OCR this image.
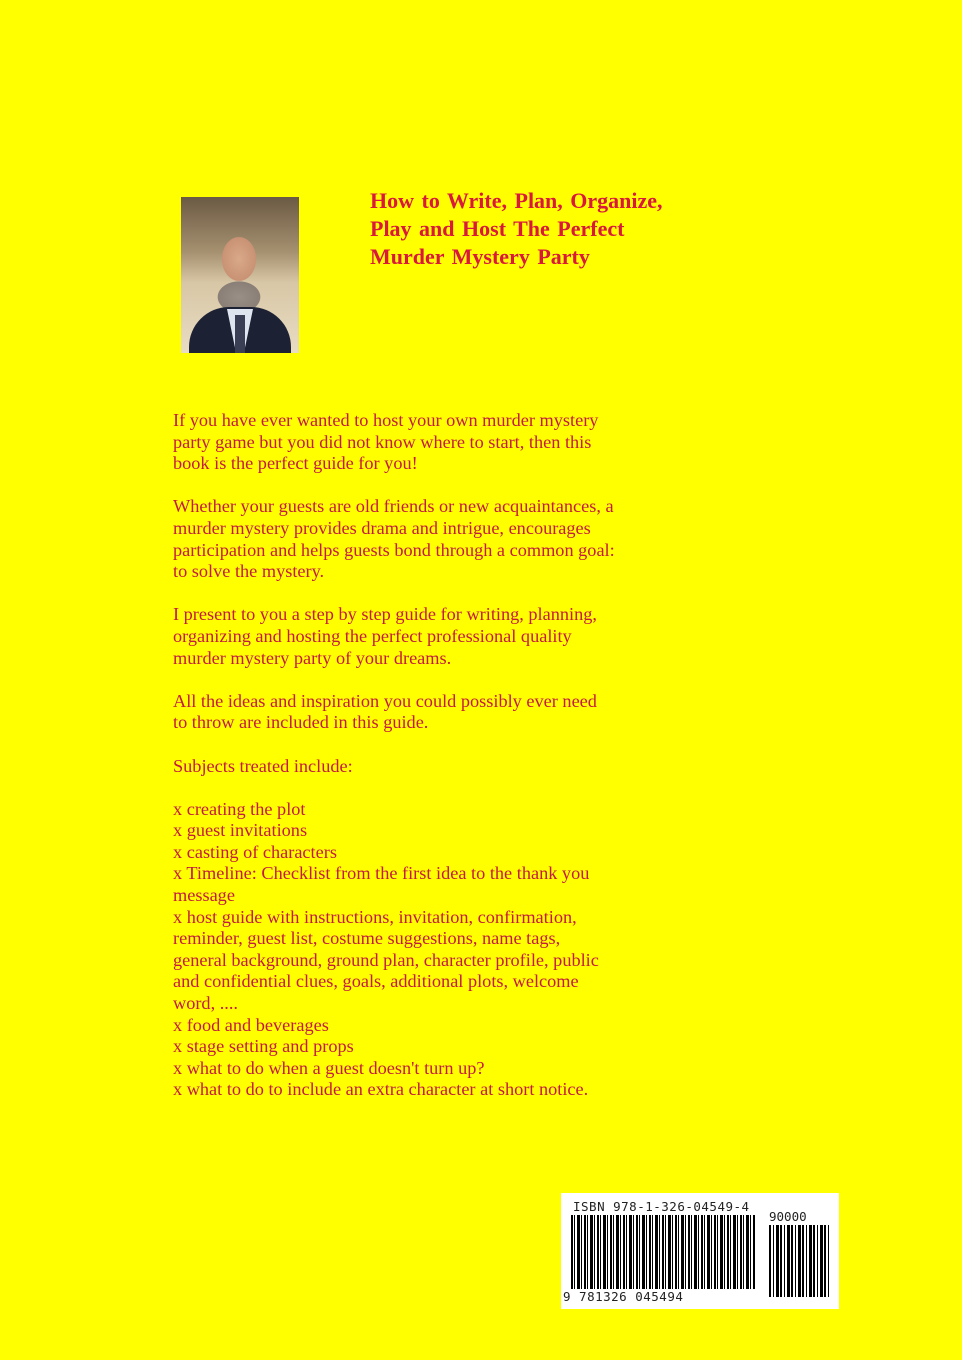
How to Write, Plan, Organize,
Play and Host The Perfect
Murder Mystery Party

If you have ever wanted to host your own murder mystery
party game but you did not know where to start, then this
book is the perfect guide for you!

Whether your guests are old friends or new acquaintances, a
murder mystery provides drama and intrigue, encourages
participation and helps guests bond through a common goal:
to solve the mystery.

I present to you a step by step guide for writing, planning,
organizing and hosting the perfect professional quality
murder mystery party of your dreams.

All the ideas and inspiration you could possibly ever need
to throw are included in this guide.

Subjects treated include:

x creating the plot
x guest invitations
x casting of characters
x Timeline: Checklist from the first idea to the thank you
message
x host guide with instructions, invitation, confirmation,
reminder, guest list, costume suggestions, name tags,
general background, ground plan, character profile, public
and confidential clues, goals, additional plots, welcome
word, ....
x food and beverages
x stage setting and props
x what to do when a guest doesn't turn up?
x what to do to include an extra character at short notice.
ISBN 978-1-326-04549-4
90000
9 781326 045494
